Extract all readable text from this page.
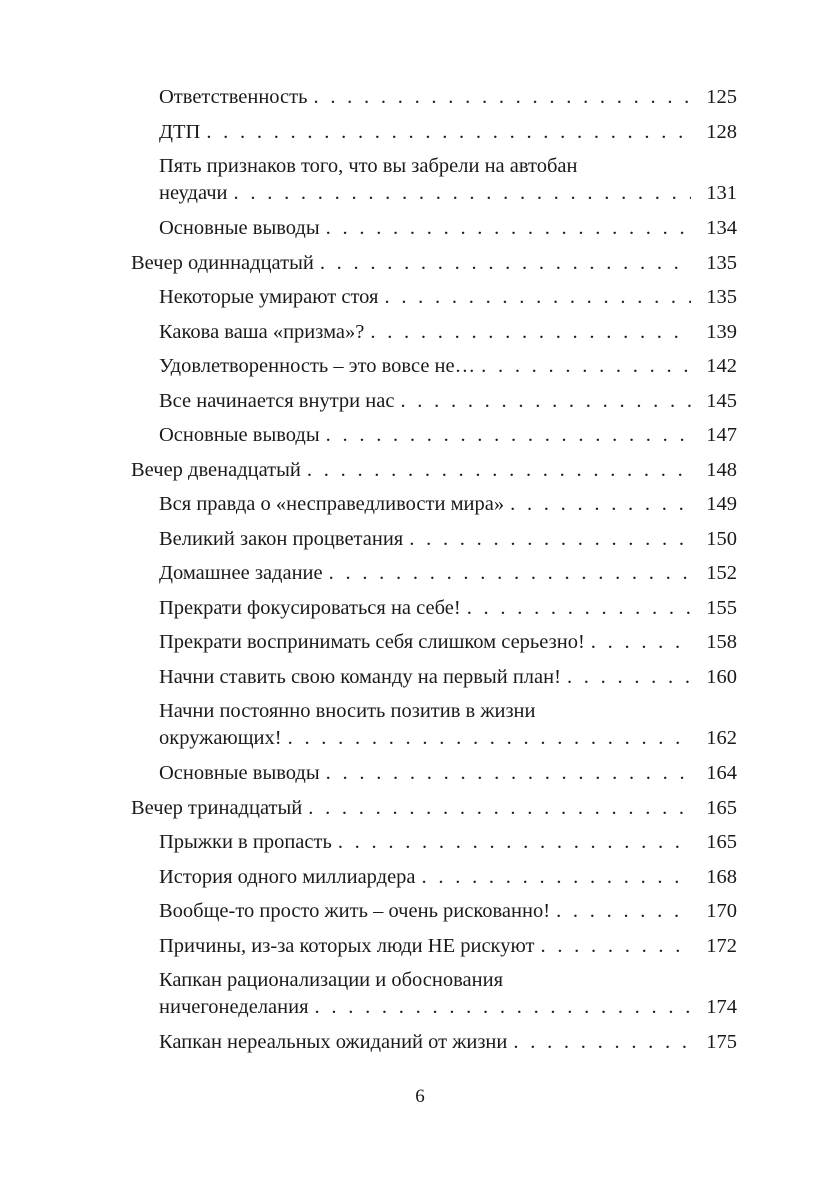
Ответственность . . .	125
ДТП . . .	128
Пять признаков того, что вы забрели на автобан
неудачи . . .	131
Основные выводы . . .	134
Вечер одиннадцатый . . .	135
Некоторые умирают стоя . . .	135
Какова ваша «призма»? . . .	139
Удовлетворенность – это вовсе не… . . .	142
Все начинается внутри нас . . .	145
Основные выводы . . .	147
Вечер двенадцатый . . .	148
Вся правда о «несправедливости мира» . . .	149
Великий закон процветания . . .	150
Домашнее задание . . .	152
Прекрати фокусироваться на себе! . . .	155
Прекрати воспринимать себя слишком серьезно! . . .	158
Начни ставить свою команду на первый план! . . .	160
Начни постоянно вносить позитив в жизни
окружающих! . . .	162
Основные выводы . . .	164
Вечер тринадцатый . . .	165
Прыжки в пропасть . . .	165
История одного миллиардера . . .	168
Вообще-то просто жить – очень рискованно! . . .	170
Причины, из-за которых люди НЕ рискуют . . .	172
Капкан рационализации и обоснования
ничегонеделания . . .	174
Капкан нереальных ожиданий от жизни . . .	175
6
